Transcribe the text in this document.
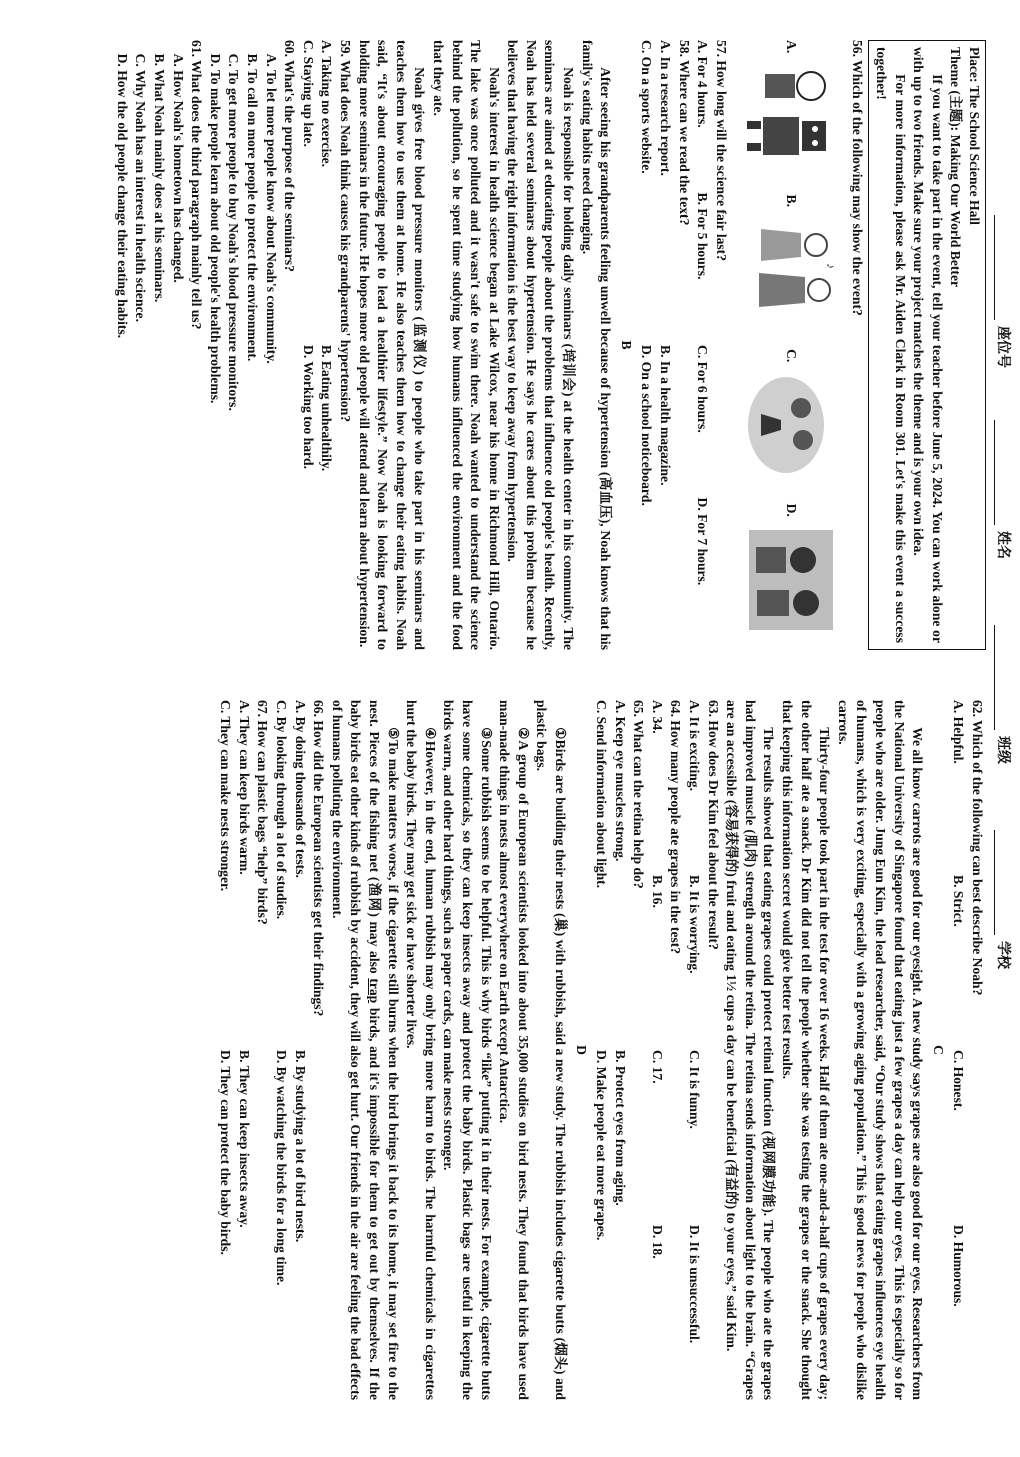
座位号
姓名
班级
学校

Place: The School Science Hall

Theme (主题): Making Our World Better

If you want to take part in the event, tell your teacher before June 5, 2024. You can work alone or with up to two friends. Make sure your project matches the theme and is your own idea.

For more information, please ask Mr. Aiden Clark in Room 301. Let's make this event a success together!

56. Which of the following may show the event?

A.
B.
♪
C.
D.

57. How long will the science fair last?

A. For 4 hours.
B. For 5 hours.
C. For 6 hours.
D. For 7 hours.

58. Where can we read the text?

A. In a research report.
B. In a health magazine.
C. On a sports website.
D. On a school noticeboard.

B

After seeing his grandparents feeling unwell because of hypertension (高血压), Noah knows that his family's eating habits need changing.

Noah is responsible for holding daily seminars (培训会) at the health center in his community. The seminars are aimed at educating people about the problems that influence old people's health. Recently, Noah has held several seminars about hypertension. He says he cares about this problem because he believes that having the right information is the best way to keep away from hypertension.

Noah's interest in health science began at Lake Wilcox, near his home in Richmond Hill, Ontario. The lake was once polluted and it wasn't safe to swim there. Noah wanted to understand the science behind the pollution, so he spent time studying how humans influenced the environment and the food that they ate.

Noah gives free blood pressure monitors (监测仪) to people who take part in his seminars and teaches them how to use them at home. He also teaches them how to change their eating habits. Noah said, “It's about encouraging people to lead a healthier lifestyle.” Now Noah is looking forward to holding more seminars in the future. He hopes more old people will attend and learn about hypertension.

59. What does Noah think causes his grandparents' hypertension?

A. Taking no exercise.
B. Eating unhealthily.
C. Staying up late.
D. Working too hard.

60. What's the purpose of the seminars?

A. To let more people know about Noah's community.

B. To call on more people to protect the environment.

C. To get more people to buy Noah's blood pressure monitors.

D. To make people learn about old people's health problems.

61. What does the third paragraph mainly tell us?

A. How Noah's hometown has changed.

B. What Noah mainly does at his seminars.

C. Why Noah has an interest in health science.

D. How the old people change their eating habits.

62. Which of the following can best describe Noah?

A. Helpful.
B. Strict.
C. Honest.
D. Humorous.

C

We all know carrots are good for our eyesight. A new study says grapes are also good for our eyes. Researchers from the National University of Singapore found that eating just a few grapes a day can help our eyes. This is especially so for people who are older. Jung Eun Kim, the lead researcher, said, “Our study shows that eating grapes influences eye health of humans, which is very exciting, especially with a growing aging population.” This is good news for people who dislike carrots.

Thirty-four people took part in the test for over 16 weeks. Half of them ate one-and-a-half cups of grapes every day; the other half ate a snack. Dr Kim did not tell the people whether she was testing the grapes or the snack. She thought that keeping this information secret would give better test results.

The results showed that eating grapes could protect retinal function (视网膜功能). The people who ate the grapes had improved muscle (肌肉) strength around the retina. The retina sends information about light to the brain. “Grapes are an accessible (容易获得的) fruit and eating 1½ cups a day can be beneficial (有益的) to your eyes,” said Kim.

63. How does Dr Kim feel about the result?

A. It is exciting.
B. It is worrying.
C. It is funny.
D. It is unsuccessful.

64. How many people ate grapes in the test?

A. 34.
B. 16.
C. 17.
D. 18.

65. What can the retina help do?

A. Keep eye muscles strong.
B. Protect eyes from aging.
C. Send information about light.
D. Make people eat more grapes.

D

①Birds are building their nests (巢) with rubbish, said a new study. The rubbish includes cigarette butts (烟头) and plastic bags.

②A group of European scientists looked into about 35,000 studies on bird nests. They found that birds have used man-made things in nests almost everywhere on Earth except Antarctica.

③Some rubbish seems to be helpful. This is why birds “like” putting it in their nests. For example, cigarette butts have some chemicals, so they can keep insects away and protect the baby birds. Plastic bags are useful in keeping the birds warm, and other hard things, such as paper cards, can make nests stronger.

④However, in the end, human rubbish may only bring more harm to birds. The harmful chemicals in cigarettes hurt the baby birds. They may get sick or have shorter lives.

⑤To make matters worse, if the cigarette still burns when the bird brings it back to its home, it may set fire to the nest. Pieces of the fishing net (渔网) may also trap birds, and it's impossible for them to get out by themselves. If the baby birds eat other kinds of rubbish by accident, they will also get hurt. Our friends in the air are feeling the bad effects of humans polluting the environment.

66. How did the European scientists get their findings?

A. By doing thousands of tests.
B. By studying a lot of bird nests.
C. By looking through a lot of studies.
D. By watching the birds for a long time.

67. How can plastic bags “help” birds?

A. They can keep birds warm.
B. They can keep insects away.
C. They can make nests stronger.
D. They can protect the baby birds.
